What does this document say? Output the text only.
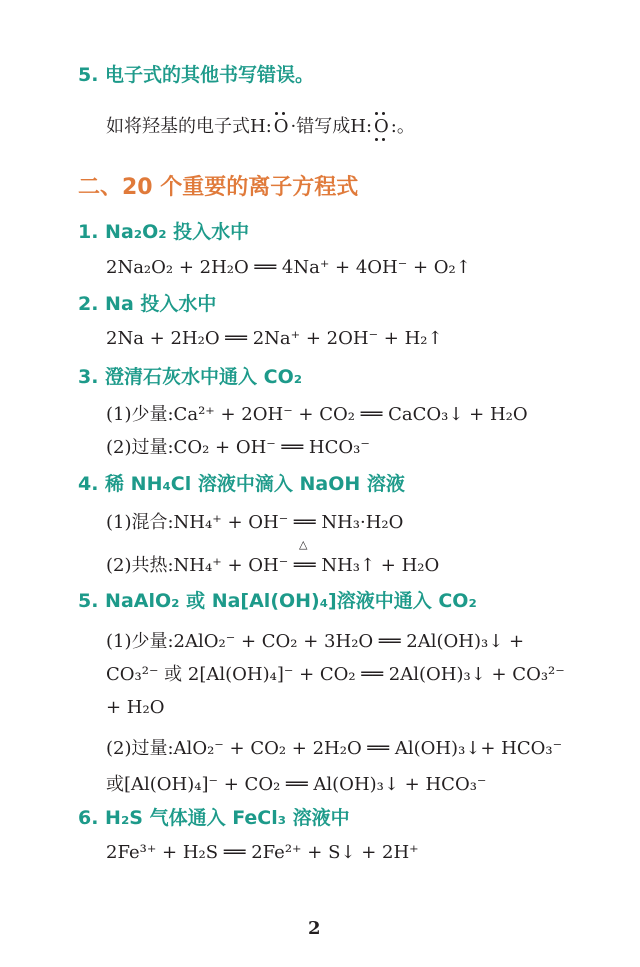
5. 电子式的其他书写错误。
如将羟基的电子式H: O ·错写成H: O :。
二、20 个重要的离子方程式
1. Na₂O₂ 投入水中
2Na₂O₂ + 2H₂O ══ 4Na⁺ + 4OH⁻ + O₂↑
2. Na 投入水中
2Na + 2H₂O ══ 2Na⁺ + 2OH⁻ + H₂↑
3. 澄清石灰水中通入 CO₂
(1)少量:Ca²⁺ + 2OH⁻ + CO₂ ══ CaCO₃↓ + H₂O
(2)过量:CO₂ + OH⁻ ══ HCO₃⁻
4. 稀 NH₄Cl 溶液中滴入 NaOH 溶液
(1)混合:NH₄⁺ + OH⁻ ══ NH₃·H₂O
△
(2)共热:NH₄⁺ + OH⁻ ══ NH₃↑ + H₂O
5. NaAlO₂ 或 Na[Al(OH)₄]溶液中通入 CO₂
(1)少量:2AlO₂⁻ + CO₂ + 3H₂O ══ 2Al(OH)₃↓ +
CO₃²⁻ 或 2[Al(OH)₄]⁻ + CO₂ ══ 2Al(OH)₃↓ + CO₃²⁻
+ H₂O
(2)过量:AlO₂⁻ + CO₂ + 2H₂O ══ Al(OH)₃↓+ HCO₃⁻
或[Al(OH)₄]⁻ + CO₂ ══ Al(OH)₃↓ + HCO₃⁻
6. H₂S 气体通入 FeCl₃ 溶液中
2Fe³⁺ + H₂S ══ 2Fe²⁺ + S↓ + 2H⁺
2
